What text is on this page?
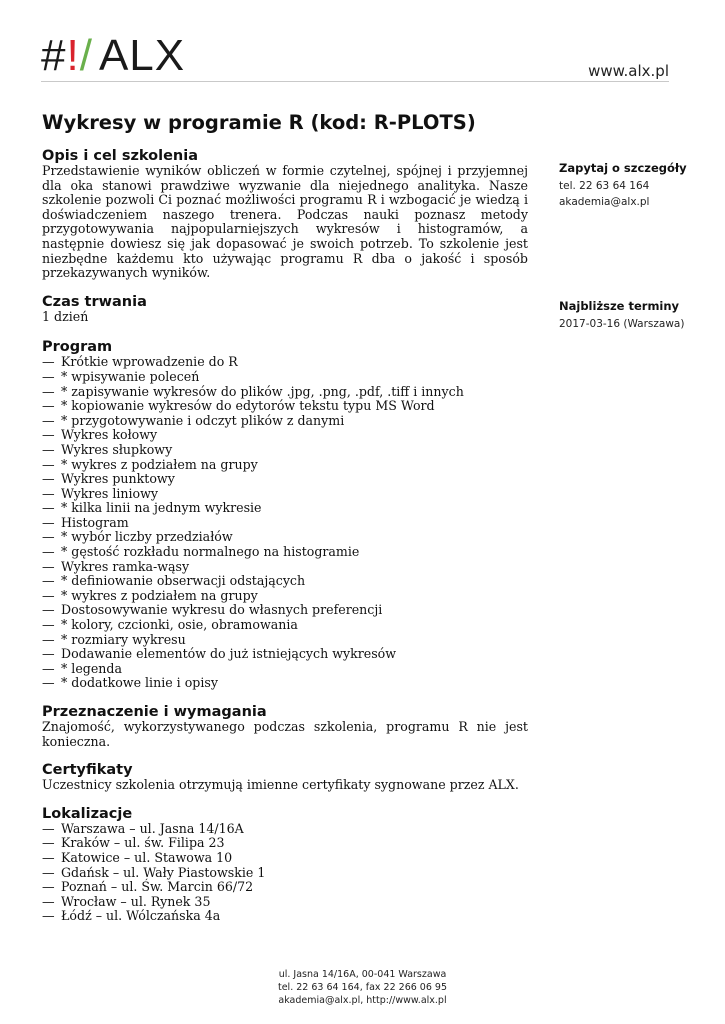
#!/ ALX	www.alx.pl
Wykresy w programie R (kod: R-PLOTS)
Opis i cel szkolenia

Przedstawienie wyników obliczeń w formie czytelnej, spójnej i przyjemnej dla oka stanowi prawdziwe wyzwanie dla niejednego analityka. Nasze szkolenie pozwoli Ci poznać możliwości programu R i wzbogacić je wiedzą i doświadczeniem naszego trenera. Podczas nauki poznasz metody przygotowywania najpopularniejszych wykresów i histogramów, a następnie dowiesz się jak dopasować je swoich potrzeb. To szkolenie jest niezbędne każdemu kto używając programu R dba o jakość i sposób przekazywanych wyników.

Czas trwania

1 dzień

Program
— Krótkie wprowadzenie do R
— * wpisywanie poleceń
— * zapisywanie wykresów do plików .jpg, .png, .pdf, .tiff i innych
— * kopiowanie wykresów do edytorów tekstu typu MS Word
— * przygotowywanie i odczyt plików z danymi
— Wykres kołowy
— Wykres słupkowy
— * wykres z podziałem na grupy
— Wykres punktowy
— Wykres liniowy
— * kilka linii na jednym wykresie
— Histogram
— * wybór liczby przedziałów
— * gęstość rozkładu normalnego na histogramie
— Wykres ramka-wąsy
— * definiowanie obserwacji odstających
— * wykres z podziałem na grupy
— Dostosowywanie wykresu do własnych preferencji
— * kolory, czcionki, osie, obramowania
— * rozmiary wykresu
— Dodawanie elementów do już istniejących wykresów
— * legenda
— * dodatkowe linie i opisy
Przeznaczenie i wymagania

Znajomość, wykorzystywanego podczas szkolenia, programu R nie jest konieczna.

Certyfikaty

Uczestnicy szkolenia otrzymują imienne certyfikaty sygnowane przez ALX.

Lokalizacje
— Warszawa – ul. Jasna 14/16A
— Kraków – ul. św. Filipa 23
— Katowice – ul. Stawowa 10
— Gdańsk – ul. Wały Piastowskie 1
— Poznań – ul. Św. Marcin 66/72
— Wrocław – ul. Rynek 35
— Łódź – ul. Wólczańska 4a
Zapytaj o szczegóły
tel. 22 63 64 164
akademia@alx.pl
Najbliższe terminy
2017-03-16 (Warszawa)
ul. Jasna 14/16A, 00-041 Warszawa
tel. 22 63 64 164, fax 22 266 06 95
akademia@alx.pl, http://www.alx.pl
